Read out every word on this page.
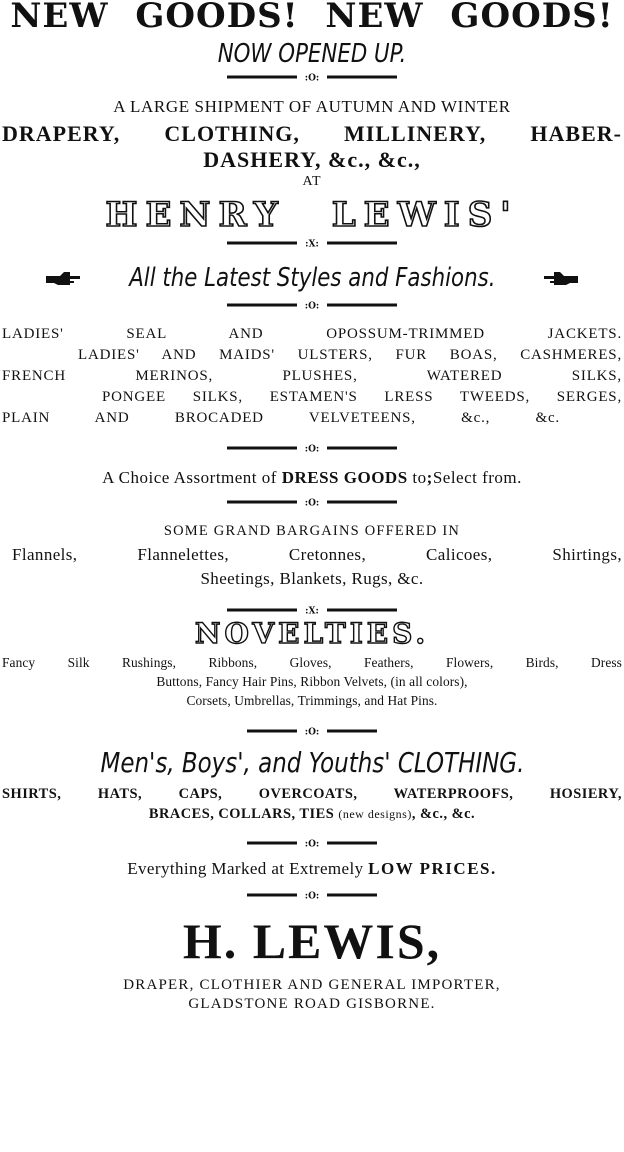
NEW GOODS! NEW GOODS!

NOW OPENED UP.

:O:

A LARGE SHIPMENT OF AUTUMN AND WINTER

DRAPERY, CLOTHING, MILLINERY, HABER-

DASHERY, &c., &c.,

AT

HENRY LEWIS'

:X:

All the Latest Styles and Fashions.

:O:

LADIES' SEAL AND OPOSSUM-TRIMMED JACKETS.

LADIES' AND MAIDS' ULSTERS, FUR BOAS, CASHMERES,

FRENCH MERINOS, PLUSHES, WATERED SILKS,

PONGEE SILKS, ESTAMEN'S LRESS TWEEDS, SERGES,

PLAIN AND BROCADED VELVETEENS, &c., &c.

:O:

A Choice Assortment of DRESS GOODS to;Select from.

:O:

SOME GRAND BARGAINS OFFERED IN

Flannels, Flannelettes, Cretonnes, Calicoes, Shirtings,

Sheetings, Blankets, Rugs, &c.

:X:

NOVELTIES.

Fancy Silk Rushings, Ribbons, Gloves, Feathers, Flowers, Birds, Dress

Buttons, Fancy Hair Pins, Ribbon Velvets, (in all colors),

Corsets, Umbrellas, Trimmings, and Hat Pins.

:O:

Men's, Boys', and Youths' CLOTHING.

SHIRTS, HATS, CAPS, OVERCOATS, WATERPROOFS, HOSIERY,

BRACES, COLLARS, TIES (new designs), &c., &c.

:O:

Everything Marked at Extremely LOW PRICES.

:O:

H. LEWIS,

DRAPER, CLOTHIER AND GENERAL IMPORTER,

GLADSTONE ROAD GISBORNE.
